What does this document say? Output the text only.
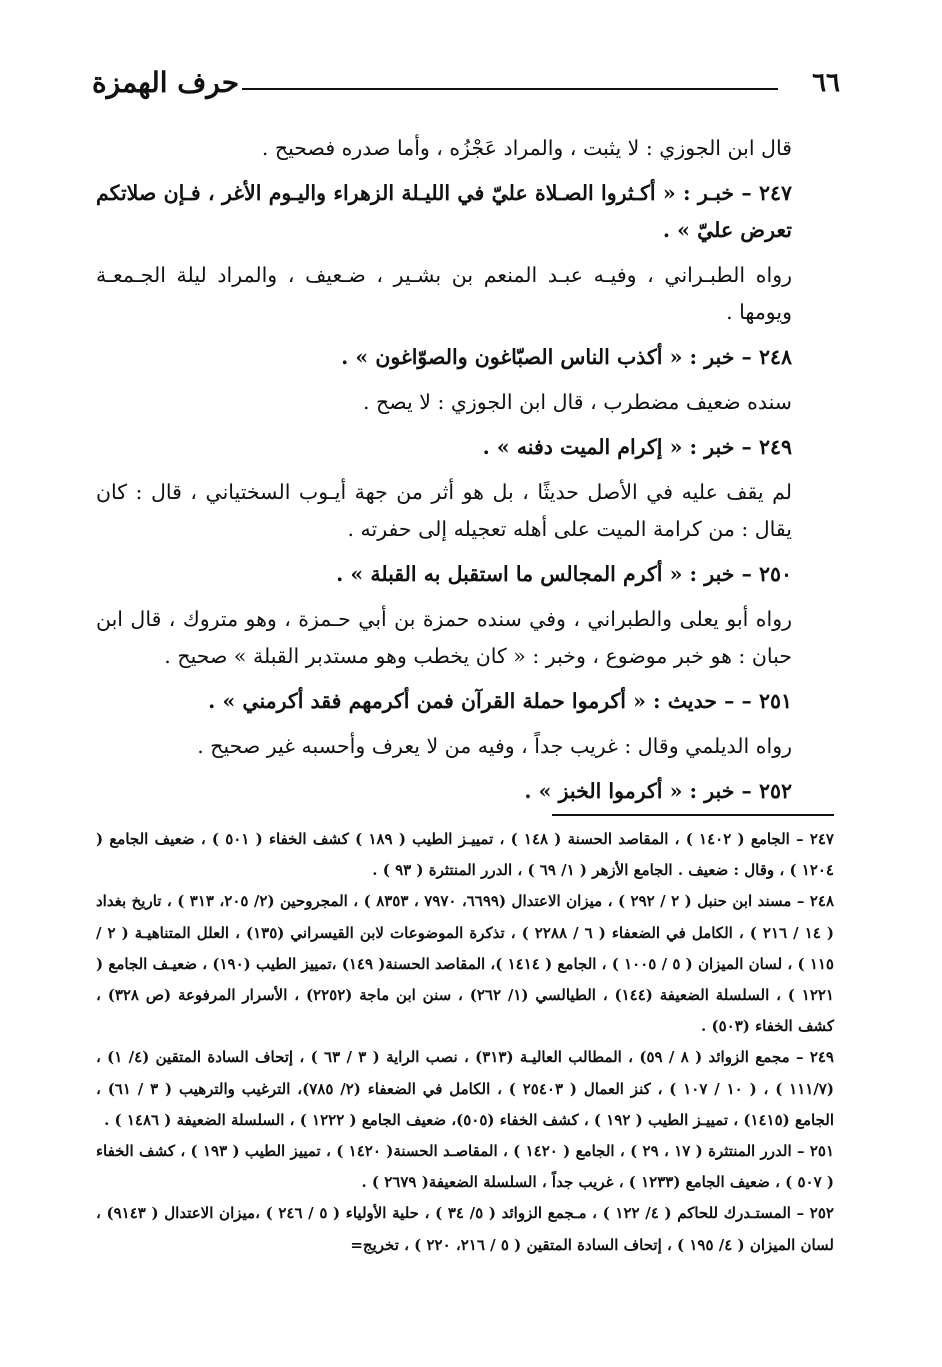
٦٦
حرف الهمزة

قال ابن الجوزي : لا يثبت ، والمراد عَجْزُه ، وأما صدره فصحيح .

٢٤٧ – خبـر : « أكـثروا الصـلاة عليّ في الليـلة الزهراء واليـوم الأغر ، فـإن صلاتكم تعرض عليّ » .

رواه الطبـراني ، وفيـه عبـد المنعم بن بشـير ، ضـعيف ، والمراد ليلة الجـمعـة ويومها .

٢٤٨ – خبر : « أكذب الناس الصبّاغون والصوّاغون » .

سنده ضعيف مضطرب ، قال ابن الجوزي : لا يصح .

٢٤٩ – خبر : « إكرام الميت دفنه » .

لم يقف عليه في الأصل حديثًا ، بل هو أثر من جهة أيـوب السختياني ، قال : كان يقال : من كرامة الميت على أهله تعجيله إلى حفرته .

٢٥٠ – خبر : « أكرم المجالس ما استقبل به القبلة » .

رواه أبو يعلى والطبراني ، وفي سنده حمزة بن أبي حـمزة ، وهو متروك ، قال ابن حبان : هو خبر موضوع ، وخبر : « كان يخطب وهو مستدبر القبلة » صحيح .

٢٥١ – – حديث : « أكرموا حملة القرآن فمن أكرمهم فقد أكرمني » .

رواه الديلمي وقال : غريب جداً ، وفيه من لا يعرف وأحسبه غير صحيح .

٢٥٢ – خبر : « أكرموا الخبز » .

٢٤٧ – الجامع ( ١٤٠٢ ) ، المقاصد الحسنة ( ١٤٨ ) ، تمييـز الطيب ( ١٨٩ ) كشف الخفاء ( ٥٠١ ) ، ضعيف الجامع ( ١٢٠٤ ) ، وقال : ضعيف . الجامع الأزهر ( ١/ ٦٩ ) ، الدرر المنتثرة ( ٩٣ ) .

٢٤٨ – مسند ابن حنبل ( ٢ / ٢٩٢ ) ، ميزان الاعتدال (٦٦٩٩، ٧٩٧٠ ، ٨٣٥٣ ) ، المجروحين (٢/ ٢٠٥، ٣١٣ ) ، تاريخ بغداد ( ١٤ / ٢١٦ ) ، الكامل في الضعفاء ( ٦ / ٢٢٨٨ ) ، تذكرة الموضوعات لابن القيسراني (١٣٥) ، العلل المتناهيـة ( ٢ / ١١٥ ) ، لسان الميزان ( ٥ / ١٠٠٥ ) ، الجامع ( ١٤١٤ )، المقاصد الحسنة( ١٤٩) ،تمييز الطيب (١٩٠) ، ضعيـف الجامع ( ١٢٢١ ) ، السلسلة الضعيفة (١٤٤) ، الطيالسي (١/ ٢٦٢) ، سنن ابن ماجة (٢٢٥٢) ، الأسرار المرفوعة (ص ٣٢٨) ، كشف الخفاء (٥٠٣) .

٢٤٩ – مجمع الزوائد ( ٨ / ٥٩) ، المطالب العاليـة (٣١٣) ، نصب الراية ( ٣ / ٦٣ ) ، إتحاف السادة المتقين (٤/ ١) ، (١١١/٧ ) ، ( ١٠ / ١٠٧ ) ، كنز العمال ( ٢٥٤٠٣ ) ، الكامل في الضعفاء (٢/ ٧٨٥)، الترغيب والترهيب ( ٣ / ٦١) ، الجامع (١٤١٥) ، تمييـز الطيب ( ١٩٢ ) ، كشف الخفاء (٥٠٥)، ضعيف الجامع ( ١٢٢٢ ) ، السلسلة الضعيفة ( ١٤٨٦ ) .

٢٥١ – الدرر المنتثرة ( ١٧ ، ٢٩ ) ، الجامع ( ١٤٢٠ ) ، المقاصـد الحسنة( ١٤٢٠ ) ، تمييز الطيب ( ١٩٣ ) ، كشف الخفاء ( ٥٠٧ ) ، ضعيف الجامع (١٢٣٣ ) ، غريب جداً ، السلسلة الضعيفة( ٢٦٧٩ ) .

٢٥٢ – المستـدرك للحاكم ( ٤/ ١٢٢ ) ، مـجمع الزوائد ( ٥/ ٣٤ ) ، حلية الأولياء ( ٥ / ٢٤٦ ) ،ميزان الاعتدال ( ٩١٤٣) ، لسان الميزان ( ٤/ ١٩٥ ) ، إتحاف السادة المتقين ( ٥ / ٢١٦، ٢٢٠ ) ، تخريج=
